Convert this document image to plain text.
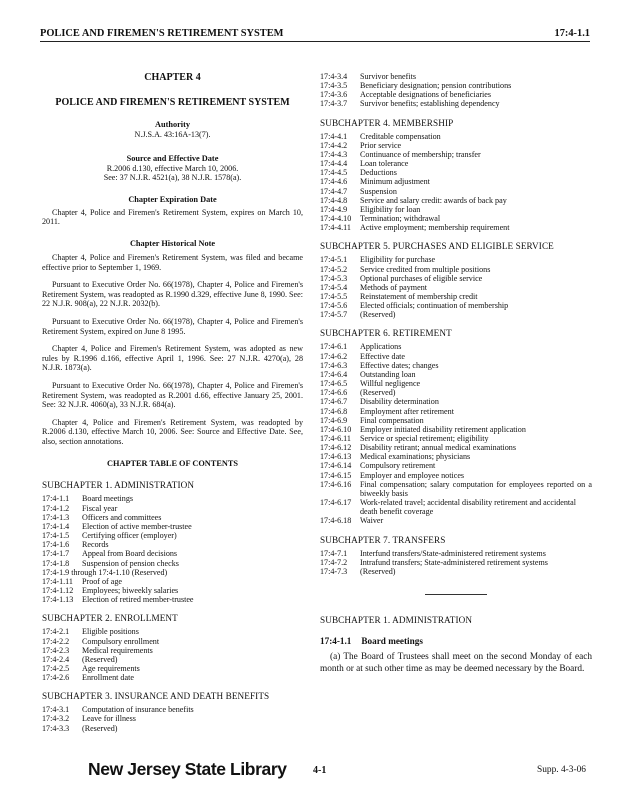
POLICE AND FIREMEN'S RETIREMENT SYSTEM	17:4-1.1

CHAPTER 4

POLICE AND FIREMEN'S RETIREMENT SYSTEM

Authority
N.J.S.A. 43:16A-13(7).
Source and Effective Date
R.2006 d.130, effective March 10, 2006.
See: 37 N.J.R. 4521(a), 38 N.J.R. 1578(a).
Chapter Expiration Date

Chapter 4, Police and Firemen's Retirement System, expires on March 10, 2011.

Chapter Historical Note

Chapter 4, Police and Firemen's Retirement System, was filed and became effective prior to September 1, 1969.

Pursuant to Executive Order No. 66(1978), Chapter 4, Police and Firemen's Retirement System, was readopted as R.1990 d.329, effective June 8, 1990. See: 22 N.J.R. 908(a), 22 N.J.R. 2032(b).

Pursuant to Executive Order No. 66(1978), Chapter 4, Police and Firemen's Retirement System, expired on June 8 1995.

Chapter 4, Police and Firemen's Retirement System, was adopted as new rules by R.1996 d.166, effective April 1, 1996. See: 27 N.J.R. 4270(a), 28 N.J.R. 1873(a).

Pursuant to Executive Order No. 66(1978), Chapter 4, Police and Firemen's Retirement System, was readopted as R.2001 d.66, effective January 25, 2001. See: 32 N.J.R. 4060(a), 33 N.J.R. 684(a).

Chapter 4, Police and Firemen's Retirement System, was readopted by R.2006 d.130, effective March 10, 2006. See: Source and Effective Date. See, also, section annotations.

CHAPTER TABLE OF CONTENTS
SUBCHAPTER 1. ADMINISTRATION
17:4-1.1	Board meetings
17:4-1.2	Fiscal year
17:4-1.3	Officers and committees
17:4-1.4	Election of active member-trustee
17:4-1.5	Certifying officer (employer)
17:4-1.6	Records
17:4-1.7	Appeal from Board decisions
17:4-1.8	Suspension of pension checks
17:4-1.9 through 17:4-1.10 (Reserved)
17:4-1.11	Proof of age
17:4-1.12	Employees; biweekly salaries
17:4-1.13	Election of retired member-trustee
SUBCHAPTER 2. ENROLLMENT
17:4-2.1	Eligible positions
17:4-2.2	Compulsory enrollment
17:4-2.3	Medical requirements
17:4-2.4	(Reserved)
17:4-2.5	Age requirements
17:4-2.6	Enrollment date
SUBCHAPTER 3. INSURANCE AND DEATH BENEFITS
17:4-3.1	Computation of insurance benefits
17:4-3.2	Leave for illness
17:4-3.3	(Reserved)
17:4-3.4	Survivor benefits
17:4-3.5	Beneficiary designation; pension contributions
17:4-3.6	Acceptable designations of beneficiaries
17:4-3.7	Survivor benefits; establishing dependency
SUBCHAPTER 4. MEMBERSHIP
17:4-4.1	Creditable compensation
17:4-4.2	Prior service
17:4-4.3	Continuance of membership; transfer
17:4-4.4	Loan tolerance
17:4-4.5	Deductions
17:4-4.6	Minimum adjustment
17:4-4.7	Suspension
17:4-4.8	Service and salary credit: awards of back pay
17:4-4.9	Eligibility for loan
17:4-4.10	Termination; withdrawal
17:4-4.11	Active employment; membership requirement
SUBCHAPTER 5. PURCHASES AND ELIGIBLE SERVICE
17:4-5.1	Eligibility for purchase
17:4-5.2	Service credited from multiple positions
17:4-5.3	Optional purchases of eligible service
17:4-5.4	Methods of payment
17:4-5.5	Reinstatement of membership credit
17:4-5.6	Elected officials; continuation of membership
17:4-5.7	(Reserved)
SUBCHAPTER 6. RETIREMENT
17:4-6.1	Applications
17:4-6.2	Effective date
17:4-6.3	Effective dates; changes
17:4-6.4	Outstanding loan
17:4-6.5	Willful negligence
17:4-6.6	(Reserved)
17:4-6.7	Disability determination
17:4-6.8	Employment after retirement
17:4-6.9	Final compensation
17:4-6.10	Employer initiated disability retirement application
17:4-6.11	Service or special retirement; eligibility
17:4-6.12	Disability retirant; annual medical examinations
17:4-6.13	Medical examinations; physicians
17:4-6.14	Compulsory retirement
17:4-6.15	Employer and employee notices
17:4-6.16	Final compensation; salary computation for employees reported on a biweekly basis
17:4-6.17	Work-related travel; accidental disability retirement and accidental death benefit coverage
17:4-6.18	Waiver
SUBCHAPTER 7. TRANSFERS
17:4-7.1	Interfund transfers/State-administered retirement systems
17:4-7.2	Intrafund transfers; State-administered retirement systems
17:4-7.3	(Reserved)
SUBCHAPTER 1. ADMINISTRATION
17:4-1.1 Board meetings

(a) The Board of Trustees shall meet on the second Monday of each month or at such other time as may be deemed necessary by the Board.

New Jersey State Library	4-1	Supp. 4-3-06
